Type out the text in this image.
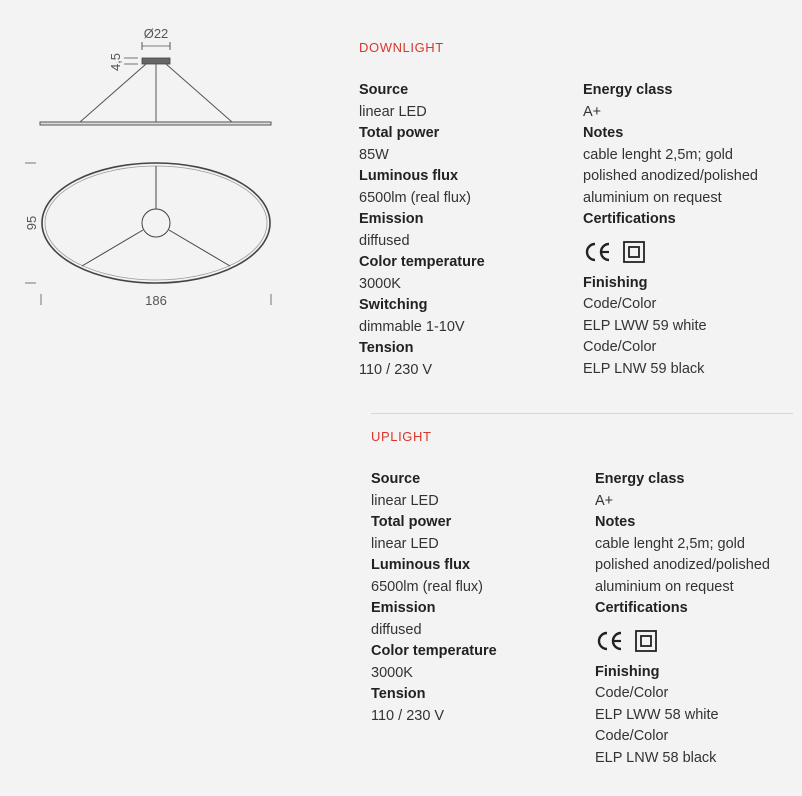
Ø22
4,5
95
186
DOWNLIGHT
Source
linear LED
Total power
85W
Luminous flux
6500lm (real flux)
Emission
diffused
Color temperature
3000K
Switching
dimmable 1-10V
Tension
110 / 230 V
Energy class
A+
Notes
cable lenght 2,5m; gold
polished anodized/polished
aluminium on request
Certifications
Finishing
Code/Color
ELP LWW 59 white
Code/Color
ELP LNW 59 black
UPLIGHT
Source
linear LED
Total power
linear LED
Luminous flux
6500lm (real flux)
Emission
diffused
Color temperature
3000K
Tension
110 / 230 V
Energy class
A+
Notes
cable lenght 2,5m; gold
polished anodized/polished
aluminium on request
Certifications
Finishing
Code/Color
ELP LWW 58 white
Code/Color
ELP LNW 58 black
